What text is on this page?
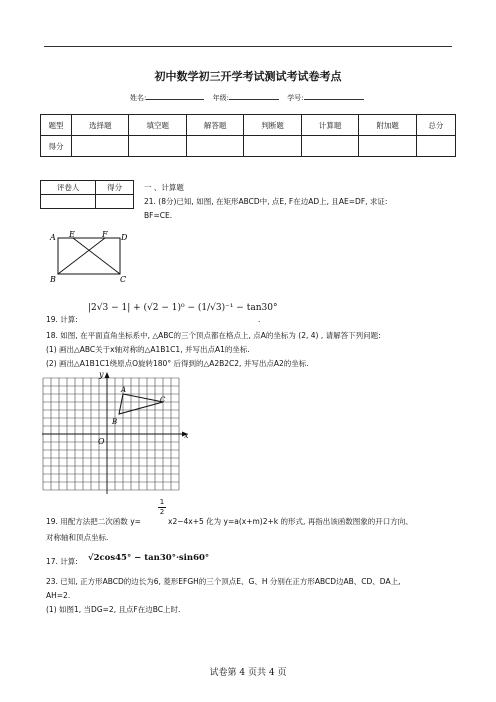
初中数学初三开学考试测试考试卷考点
姓名:	年级:	学号:
题型	选择题	填空题	解答题	判断题	计算题	附加题	总分
得分							
评卷人	得分
		一 、计算题
21. (8分)已知, 如图, 在矩形ABCD中, 点E, F在边AD上, 且AE=DF, 求证:
BF=CE.
A E	F D
B	C
19. 计算:
|2√3 − 1| + (√2 − 1)⁰ − (1/√3)⁻¹ − tan30°
.
18. 如图, 在平面直角坐标系中, △ABC的三个顶点都在格点上, 点A的坐标为 (2, 4) , 请解答下列问题:
(1) 画出△ABC关于x轴对称的△A1B1C1, 并写出点A1的坐标.
(2) 画出△A1B1C1绕原点O旋转180° 后得到的△A2B2C2, 并写出点A2的坐标.
y
x
O
A
B
C
$\frac{1}{2}$
19. 用配方法把二次函数 y=	x2−4x+5 化为 y=a(x+m)2+k 的形式, 再指出该函数图象的开口方向、
对称轴和顶点坐标.
17. 计算: √2cos45° − tan30°·sin60°
23. 已知, 正方形ABCD的边长为6, 菱形EFGH的三个顶点E、G、H 分别在正方形ABCD边AB、CD、DA上,
AH=2.
(1) 如图1, 当DG=2, 且点F在边BC上时.
试卷第 4 页共 4 页
